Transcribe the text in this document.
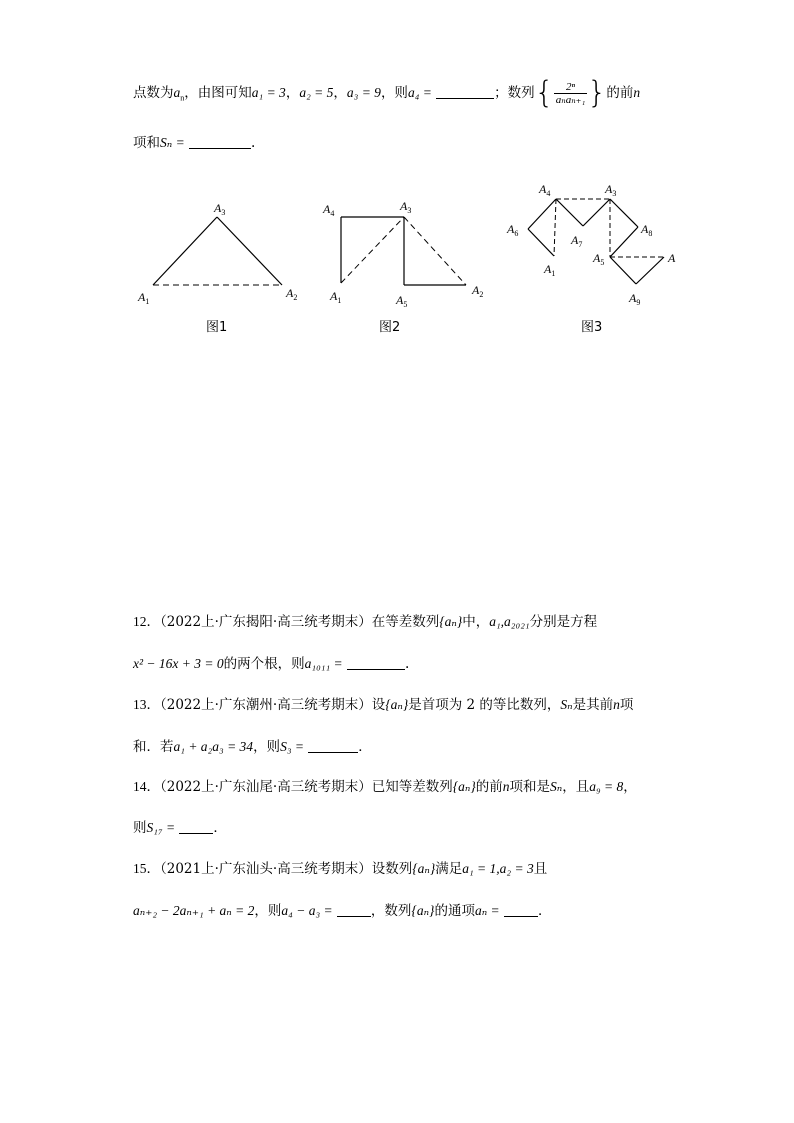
点数为$a_n$，由图可知a₁ = 3，a₂ = 5，a₃ = 9，则a₄ =	；数列{ $\frac{\text{2ⁿ}}{\text{aₙaₙ₊₁}}$ }的前n
项和Sₙ =	.
$A_3$
$A_1$
$A_2$
$A_4$
$A_3$
$A_1$	$A_5$
$A_2$
$A_4$	$A_3$
$A_6$	$A_7$
$A_8$
$A_1$
$A_5$	A
$A_9$
图1	图2	图3
12．（2022上·广东揭阳·高三统考期末）在等差数列{aₙ}中，a₁,a₂₀₂₁分别是方程
x² − 16x + 3 = 0的两个根，则a₁₀₁₁ =	.
13．（2022上·广东潮州·高三统考期末）设{aₙ}是首项为 2 的等比数列，Sₙ是其前n项
和．若a₁ + a₂a₃ = 34，则S₃ =	．
14．（2022上·广东汕尾·高三统考期末）已知等差数列{aₙ}的前n项和是Sₙ，且a₉ = 8，
则S₁₇ =	．
15．（2021上·广东汕头·高三统考期末）设数列{aₙ}满足a₁ = 1,a₂ = 3且
aₙ₊₂ − 2aₙ₊₁ + aₙ = 2，则a₄ − a₃ =	，数列{aₙ}的通项aₙ =	．
